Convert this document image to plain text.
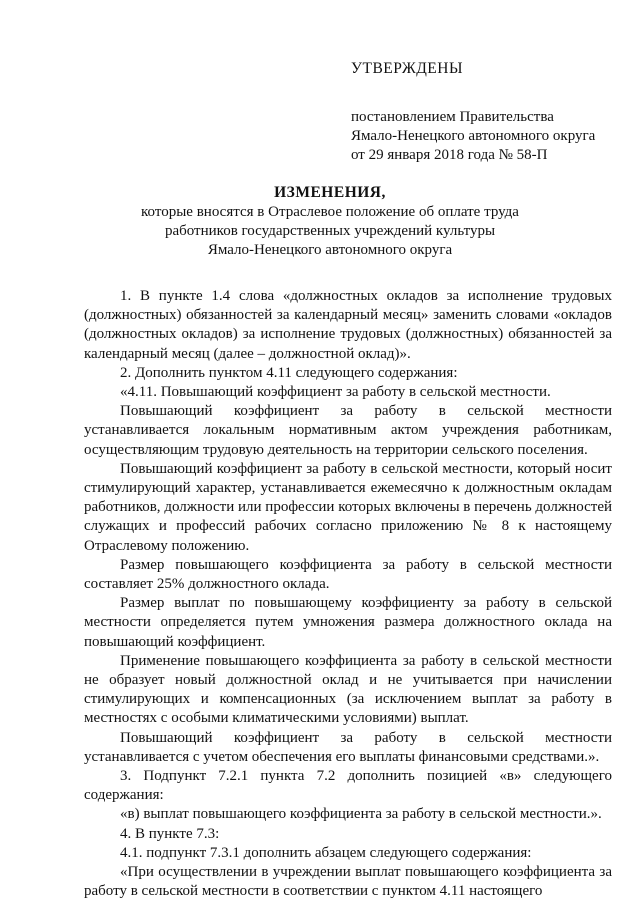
УТВЕРЖДЕНЫ
постановлением Правительства
Ямало-Ненецкого автономного округа
от 29 января 2018 года № 58-П
ИЗМЕНЕНИЯ,
которые вносятся в Отраслевое положение об оплате труда
работников государственных учреждений культуры
Ямало-Ненецкого автономного округа

1. В пункте 1.4 слова «должностных окладов за исполнение трудовых (должностных) обязанностей за календарный месяц» заменить словами «окладов (должностных окладов) за исполнение трудовых (должностных) обязанностей за календарный месяц (далее – должностной оклад)».

2. Дополнить пунктом 4.11 следующего содержания:

«4.11. Повышающий коэффициент за работу в сельской местности.

Повышающий коэффициент за работу в сельской местности устанавливается локальным нормативным актом учреждения работникам, осуществляющим трудовую деятельность на территории сельского поселения.

Повышающий коэффициент за работу в сельской местности, который носит стимулирующий характер, устанавливается ежемесячно к должностным окладам работников, должности или профессии которых включены в перечень должностей служащих и профессий рабочих согласно приложению № 8 к настоящему Отраслевому положению.

Размер повышающего коэффициента за работу в сельской местности составляет 25% должностного оклада.

Размер выплат по повышающему коэффициенту за работу в сельской местности определяется путем умножения размера должностного оклада на повышающий коэффициент.

Применение повышающего коэффициента за работу в сельской местности не образует новый должностной оклад и не учитывается при начислении стимулирующих и компенсационных (за исключением выплат за работу в местностях с особыми климатическими условиями) выплат.

Повышающий коэффициент за работу в сельской местности устанавливается с учетом обеспечения его выплаты финансовыми средствами.».

3. Подпункт 7.2.1 пункта 7.2 дополнить позицией «в» следующего содержания:

«в) выплат повышающего коэффициента за работу в сельской местности.».

4. В пункте 7.3:

4.1. подпункт 7.3.1 дополнить абзацем следующего содержания:

«При осуществлении в учреждении выплат повышающего коэффициента за работу в сельской местности в соответствии с пунктом 4.11 настоящего
